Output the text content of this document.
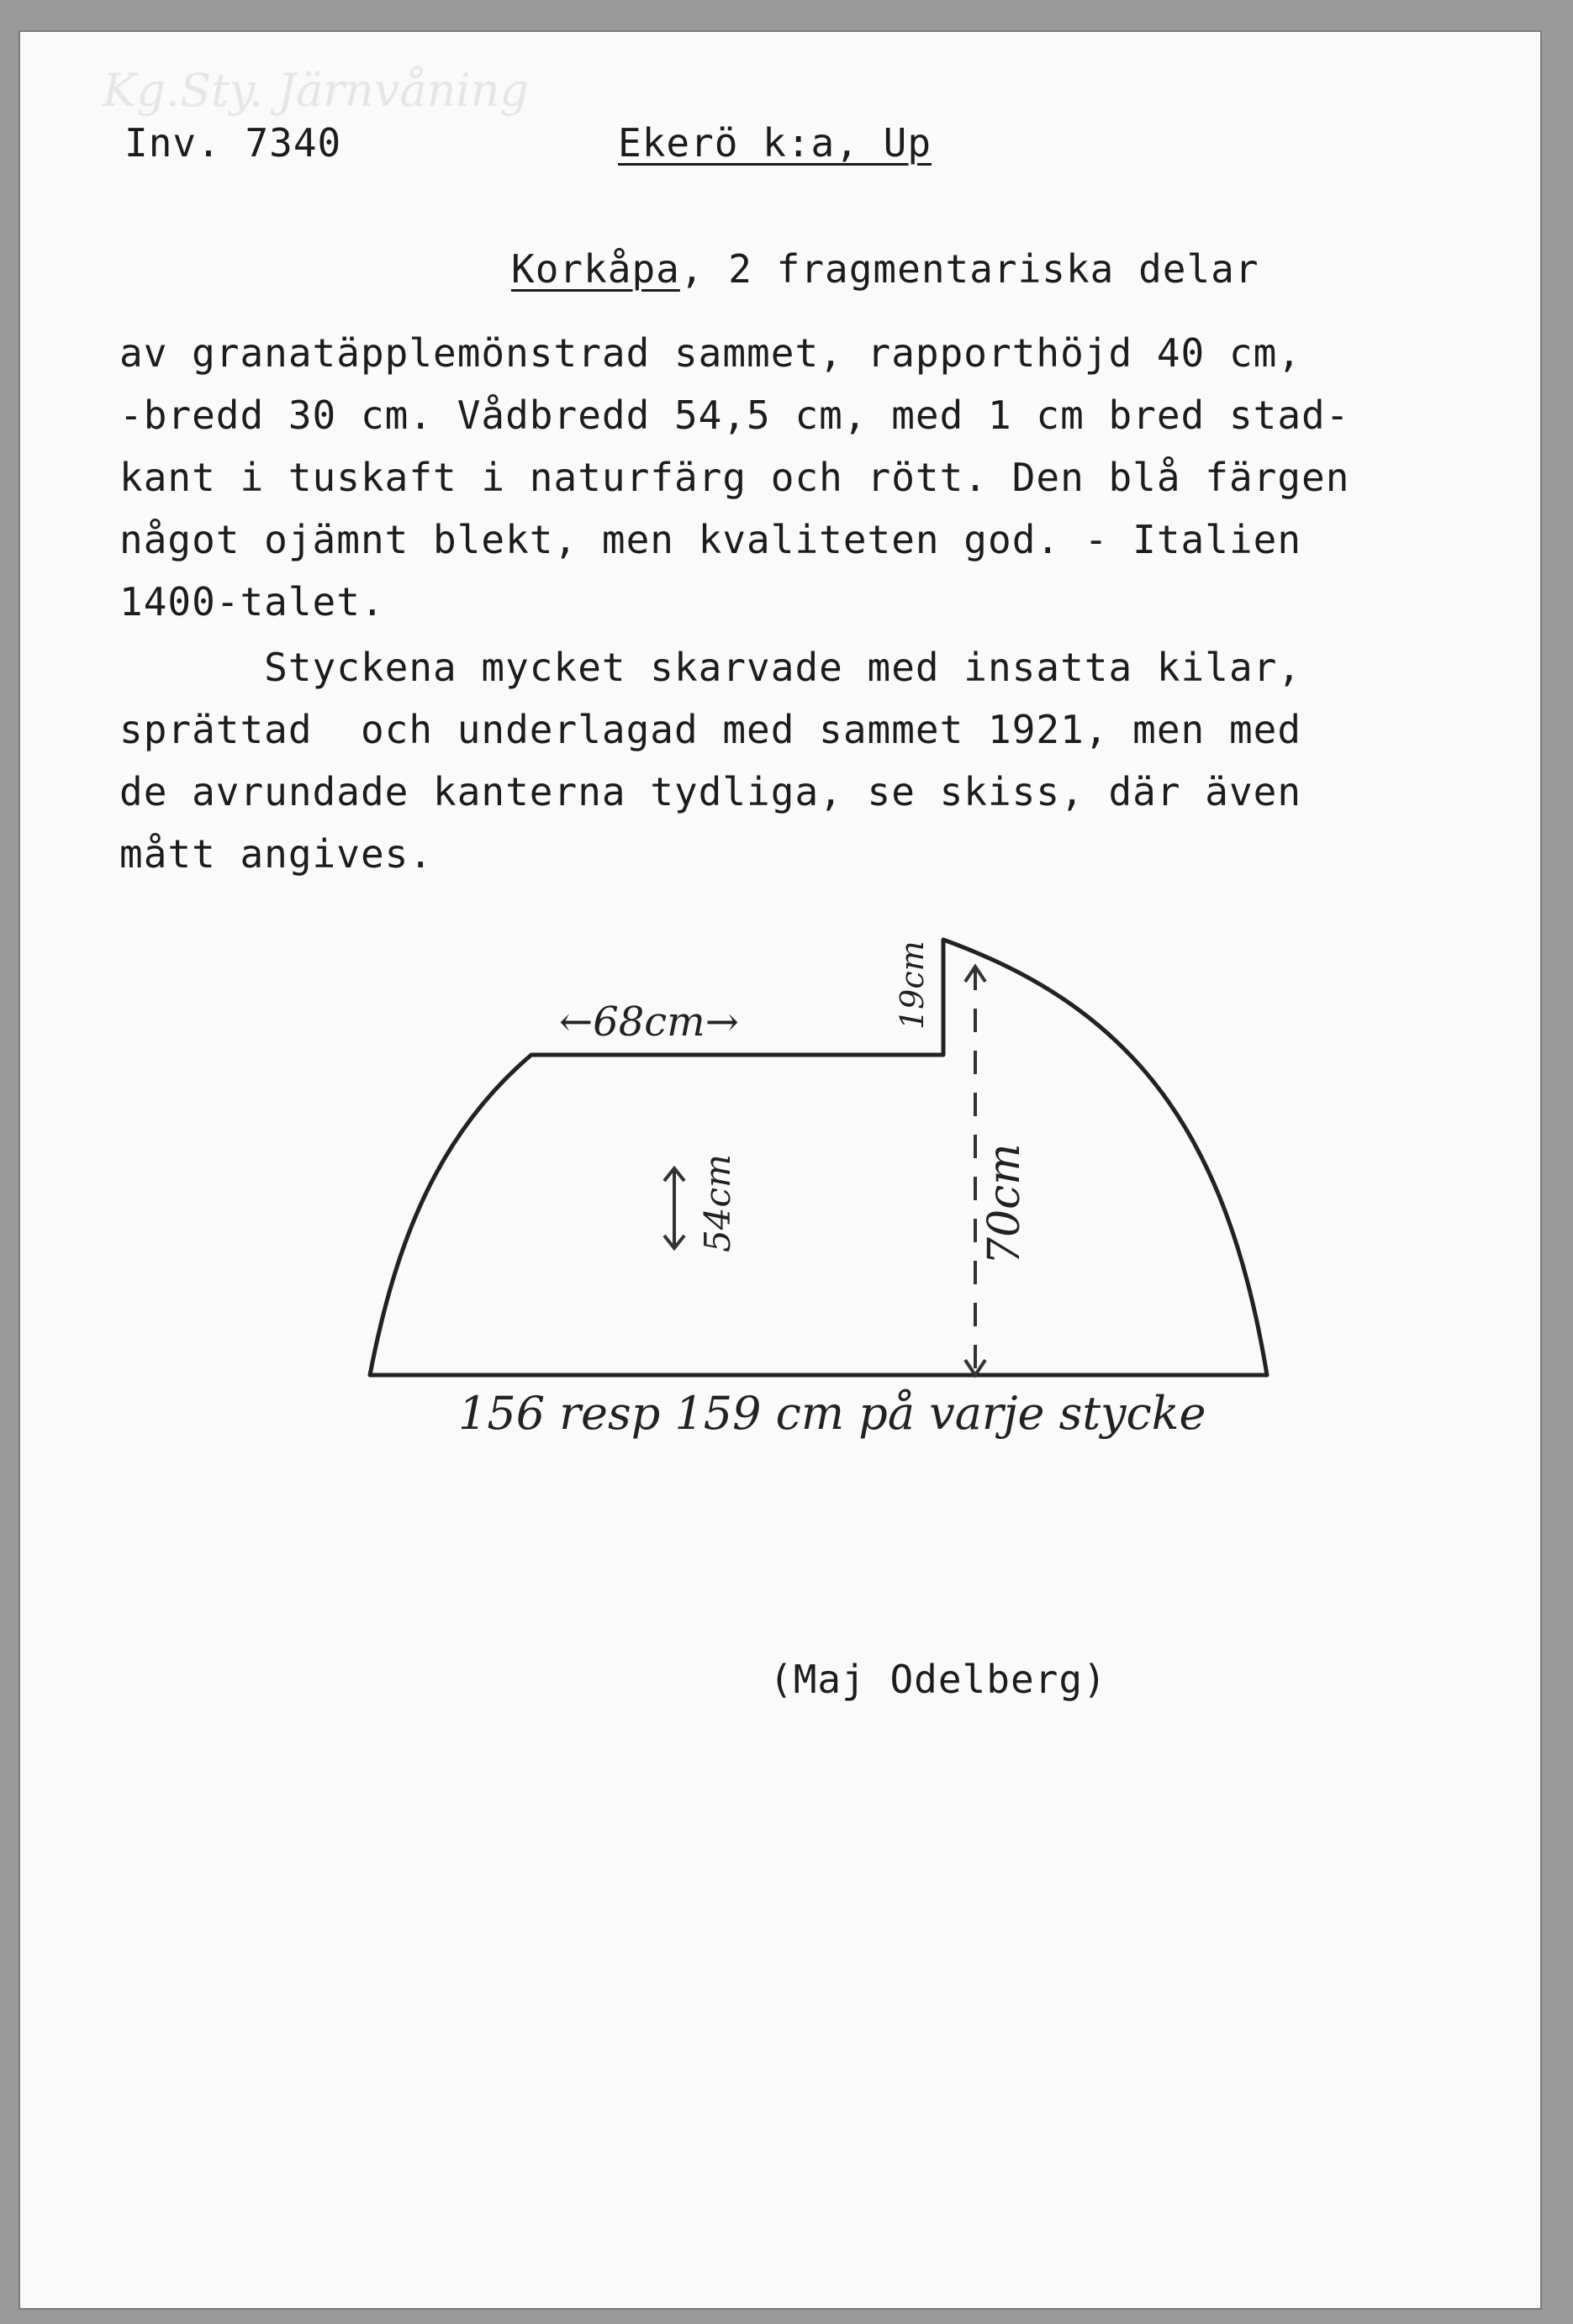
Kg.Sty. Järnvåning
Inv. 7340	Ekerö k:a, Up
Korkåpa, 2 fragmentariska delar
av granatäpplemönstrad sammet, rapporthöjd 40 cm,
-bredd 30 cm. Vådbredd 54,5 cm, med 1 cm bred stad-
kant i tuskaft i naturfärg och rött. Den blå färgen
något ojämnt blekt, men kvaliteten god. - Italien
1400-talet.
Styckena mycket skarvade med insatta kilar,
sprättad  och underlagad med sammet 1921, men med
de avrundade kanterna tydliga, se skiss, där även
mått angives.
←68cm→	19cm
54cm	70cm
156 resp 159 cm på varje stycke
(Maj Odelberg)
